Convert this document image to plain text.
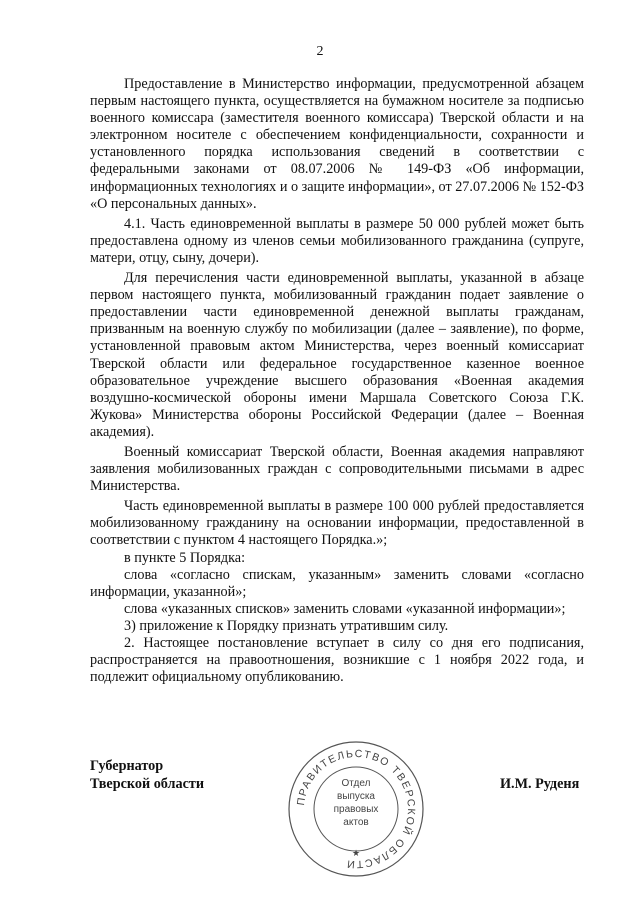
2

Предоставление в Министерство информации, предусмотренной абзацем первым настоящего пункта, осуществляется на бумажном носителе за подписью военного комиссара (заместителя военного комиссара) Тверской области и на электронном носителе с обеспечением конфиденциальности, сохранности и установленного порядка использования сведений в соответствии с федеральными законами от 08.07.2006 № 149-ФЗ «Об информации, информационных технологиях и о защите информации», от 27.07.2006 № 152-ФЗ «О персональных данных».

4.1. Часть единовременной выплаты в размере 50 000 рублей может быть предоставлена одному из членов семьи мобилизованного гражданина (супруге, матери, отцу, сыну, дочери).

Для перечисления части единовременной выплаты, указанной в абзаце первом настоящего пункта, мобилизованный гражданин подает заявление о предоставлении части единовременной денежной выплаты гражданам, призванным на военную службу по мобилизации (далее – заявление), по форме, установленной правовым актом Министерства, через военный комиссариат Тверской области или федеральное государственное казенное военное образовательное учреждение высшего образования «Военная академия воздушно-космической обороны имени Маршала Советского Союза Г.К. Жукова» Министерства обороны Российской Федерации (далее – Военная академия).

Военный комиссариат Тверской области, Военная академия направляют заявления мобилизованных граждан с сопроводительными письмами в адрес Министерства.

Часть единовременной выплаты в размере 100 000 рублей предоставляется мобилизованному гражданину на основании информации, предоставленной в соответствии с пунктом 4 настоящего Порядка.»;

в пункте 5 Порядка:

слова «согласно спискам, указанным» заменить словами «согласно информации, указанной»;

слова «указанных списков» заменить словами «указанной информации»;

3) приложение к Порядку признать утратившим силу.

2. Настоящее постановление вступает в силу со дня его подписания, распространяется на правоотношения, возникшие с 1 ноября 2022 года, и подлежит официальному опубликованию.

Губернатор
Тверской области
ПРАВИТЕЛЬСТВО ТВЕРСКОЙ ОБЛАСТИ
Отдел
выпуска
правовых
актов
★
И.М. Руденя
